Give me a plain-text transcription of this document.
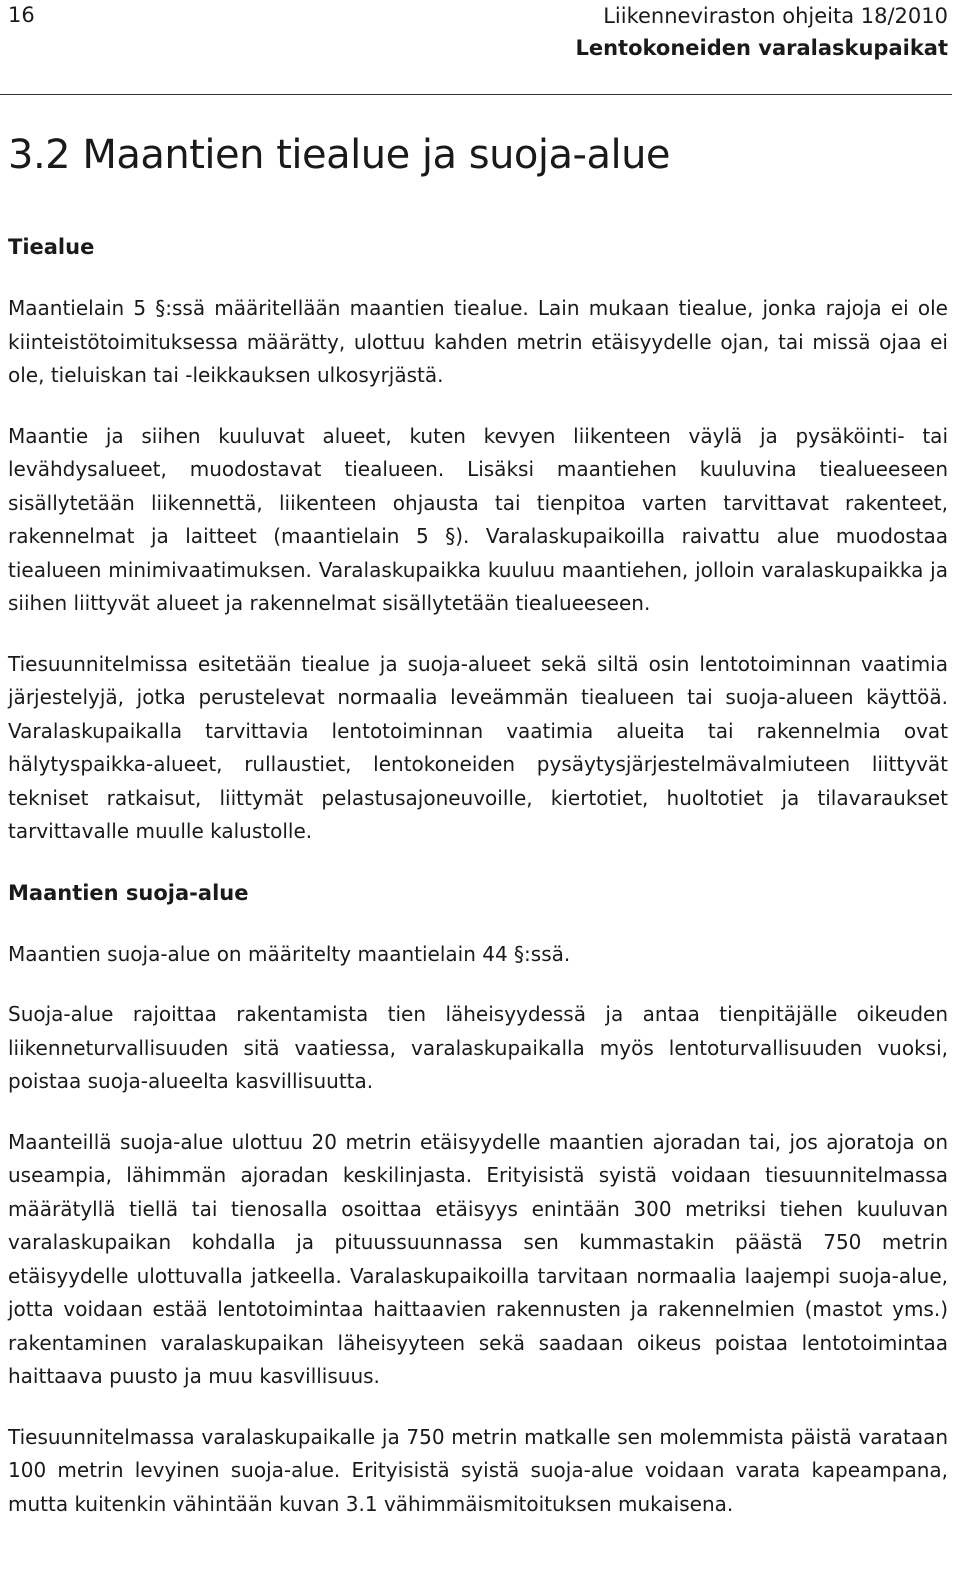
16	Liikenneviraston ohjeita 18/2010
Lentokoneiden varalaskupaikat
3.2 Maantien tiealue ja suoja-alue
Tiealue

Maantielain 5 §:ssä määritellään maantien tiealue. Lain mukaan tiealue, jonka rajoja ei ole kiinteistötoimituksessa määrätty, ulottuu kahden metrin etäisyydelle ojan, tai missä ojaa ei ole, tieluiskan tai -leikkauksen ulkosyrjästä.

Maantie ja siihen kuuluvat alueet, kuten kevyen liikenteen väylä ja pysäköinti- tai levähdysalueet, muodostavat tiealueen. Lisäksi maantiehen kuuluvina tiealueeseen sisällytetään liikennettä, liikenteen ohjausta tai tienpitoa varten tarvittavat rakenteet, rakennelmat ja laitteet (maantielain 5 §). Varalaskupaikoilla raivattu alue muodostaa tiealueen minimivaatimuksen. Varalaskupaikka kuuluu maantiehen, jolloin varalaskupaikka ja siihen liittyvät alueet ja rakennelmat sisällytetään tiealueeseen.

Tiesuunnitelmissa esitetään tiealue ja suoja-alueet sekä siltä osin lentotoiminnan vaatimia järjestelyjä, jotka perustelevat normaalia leveämmän tiealueen tai suoja-alueen käyttöä. Varalaskupaikalla tarvittavia lentotoiminnan vaatimia alueita tai rakennelmia ovat hälytyspaikka-alueet, rullaustiet, lentokoneiden pysäytysjärjestelmävalmiuteen liittyvät tekniset ratkaisut, liittymät pelastusajoneuvoille, kiertotiet, huoltotiet ja tilavaraukset tarvittavalle muulle kalustolle.

Maantien suoja-alue

Maantien suoja-alue on määritelty maantielain 44 §:ssä.

Suoja-alue rajoittaa rakentamista tien läheisyydessä ja antaa tienpitäjälle oikeuden liikenneturvallisuuden sitä vaatiessa, varalaskupaikalla myös lentoturvallisuuden vuoksi, poistaa suoja-alueelta kasvillisuutta.

Maanteillä suoja-alue ulottuu 20 metrin etäisyydelle maantien ajoradan tai, jos ajoratoja on useampia, lähimmän ajoradan keskilinjasta. Erityisistä syistä voidaan tiesuunnitelmassa määrätyllä tiellä tai tienosalla osoittaa etäisyys enintään 300 metriksi tiehen kuuluvan varalaskupaikan kohdalla ja pituussuunnassa sen kummastakin päästä 750 metrin etäisyydelle ulottuvalla jatkeella. Varalaskupaikoilla tarvitaan normaalia laajempi suoja-alue, jotta voidaan estää lentotoimintaa haittaavien rakennusten ja rakennelmien (mastot yms.) rakentaminen varalaskupaikan läheisyyteen sekä saadaan oikeus poistaa lentotoimintaa haittaava puusto ja muu kasvillisuus.

Tiesuunnitelmassa varalaskupaikalle ja 750 metrin matkalle sen molemmista päistä varataan 100 metrin levyinen suoja-alue. Erityisistä syistä suoja-alue voidaan varata kapeampana, mutta kuitenkin vähintään kuvan 3.1 vähimmäismitoituksen mukaisena.
